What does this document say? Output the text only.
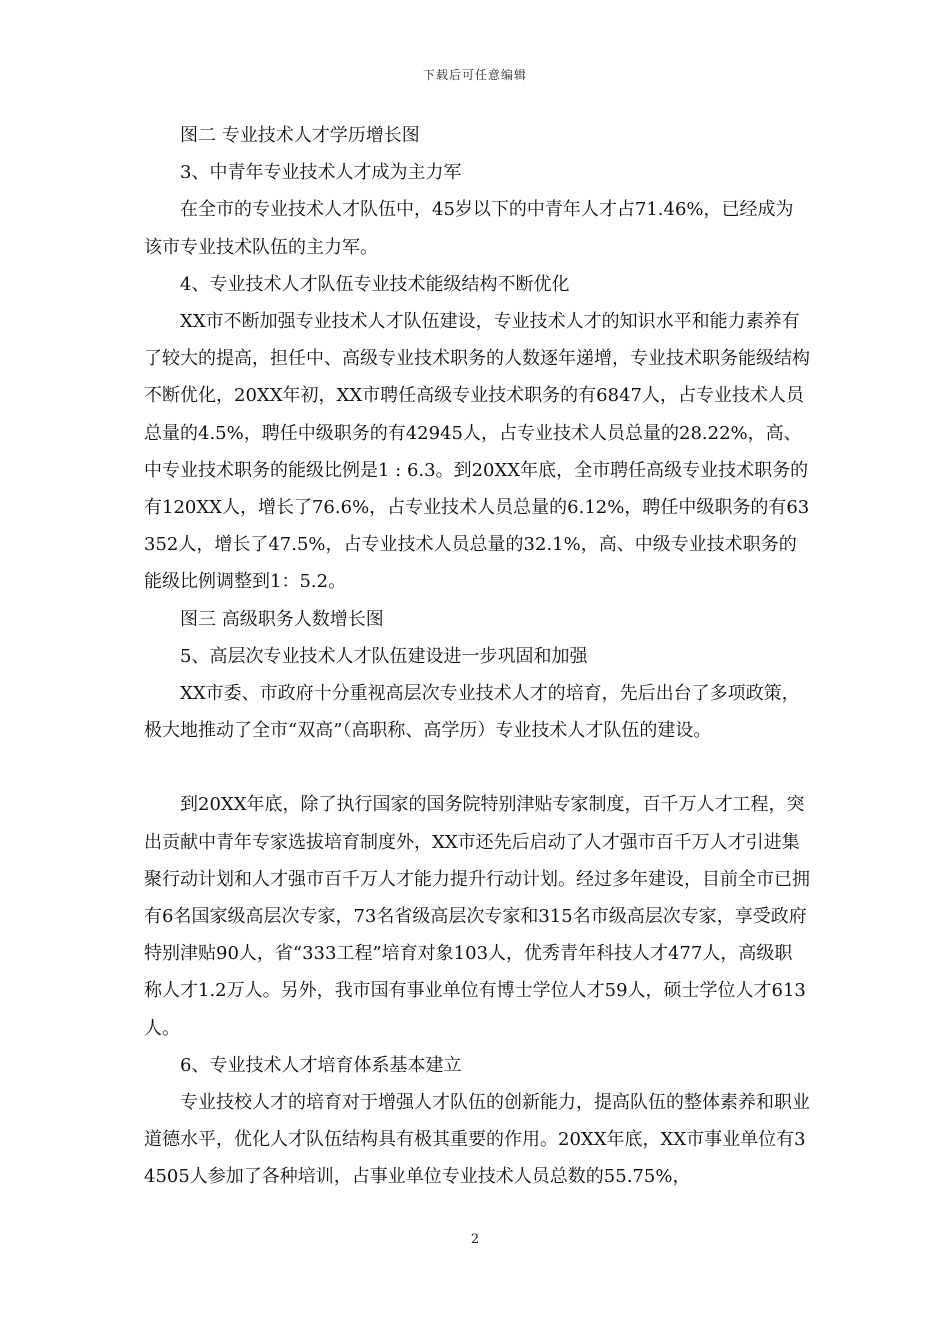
下载后可任意编辑

图二 专业技术人才学历增长图

3、中青年专业技术人才成为主力军

在全市的专业技术人才队伍中，45岁以下的中青年人才占71.46%，已经成为该市专业技术队伍的主力军。

4、专业技术人才队伍专业技术能级结构不断优化

XX市不断加强专业技术人才队伍建设，专业技术人才的知识水平和能力素养有了较大的提高，担任中、高级专业技术职务的人数逐年递增，专业技术职务能级结构不断优化，20XX年初，XX市聘任高级专业技术职务的有6847人，占专业技术人员总量的4.5%，聘任中级职务的有42945人，占专业技术人员总量的28.22%，高、中专业技术职务的能级比例是1 : 6.3。到20XX年底，全市聘任高级专业技术职务的有120XX人，增长了76.6%，占专业技术人员总量的6.12%，聘任中级职务的有63352人，增长了47.5%，占专业技术人员总量的32.1%，高、中级专业技术职务的能级比例调整到1：5.2。

图三 高级职务人数增长图

5、高层次专业技术人才队伍建设进一步巩固和加强

XX市委、市政府十分重视高层次专业技术人才的培育，先后出台了多项政策，极大地推动了全市“双高”（高职称、高学历）专业技术人才队伍的建设。

到20XX年底，除了执行国家的国务院特别津贴专家制度，百千万人才工程，突出贡献中青年专家选拔培育制度外，XX市还先后启动了人才强市百千万人才引进集聚行动计划和人才强市百千万人才能力提升行动计划。经过多年建设，目前全市已拥有6名国家级高层次专家，73名省级高层次专家和315名市级高层次专家，享受政府特别津贴90人，省“333工程”培育对象103人，优秀青年科技人才477人，高级职称人才1.2万人。另外，我市国有事业单位有博士学位人才59人，硕士学位人才613人。

6、专业技术人才培育体系基本建立

专业技校人才的培育对于增强人才队伍的创新能力，提高队伍的整体素养和职业道德水平，优化人才队伍结构具有极其重要的作用。20XX年底，XX市事业单位有34505人参加了各种培训，占事业单位专业技术人员总数的55.75%，

2
